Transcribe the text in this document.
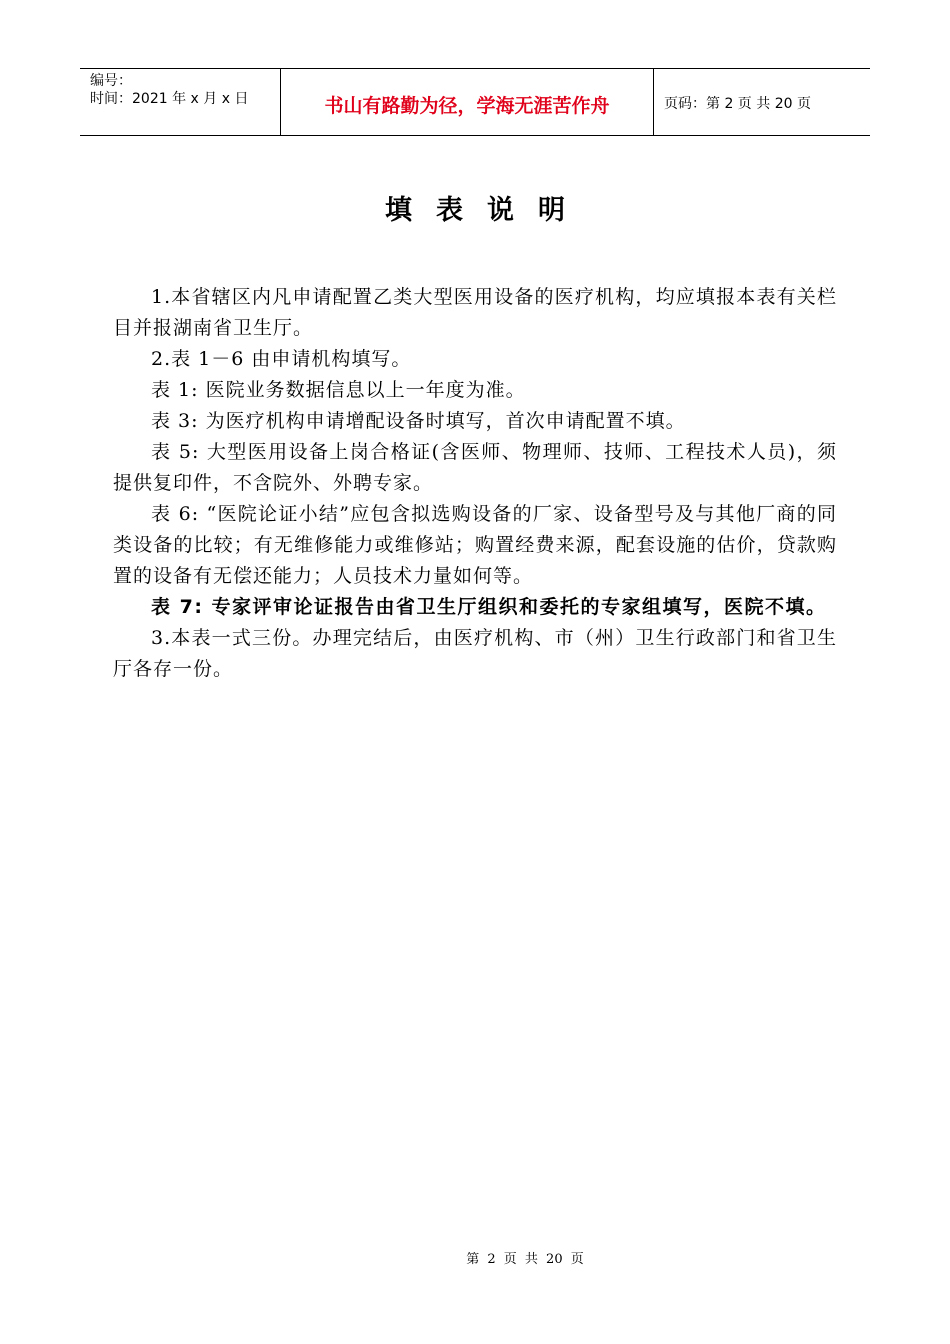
编号：
时间：2021 年 x 月 x 日	书山有路勤为径，学海无涯苦作舟	页码：第 2 页 共 20 页
填表说明

1.本省辖区内凡申请配置乙类大型医用设备的医疗机构，均应填报本表有关栏目并报湖南省卫生厅。

2.表 1－6 由申请机构填写。

表 1: 医院业务数据信息以上一年度为准。

表 3: 为医疗机构申请增配设备时填写，首次申请配置不填。

表 5: 大型医用设备上岗合格证(含医师、物理师、技师、工程技术人员)，须提供复印件，不含院外、外聘专家。

表 6: “医院论证小结”应包含拟选购设备的厂家、设备型号及与其他厂商的同类设备的比较；有无维修能力或维修站；购置经费来源，配套设施的估价，贷款购置的设备有无偿还能力；人员技术力量如何等。

表 7: 专家评审论证报告由省卫生厅组织和委托的专家组填写，医院不填。

3.本表一式三份。办理完结后，由医疗机构、市（州）卫生行政部门和省卫生厅各存一份。

第 2 页 共 20 页
